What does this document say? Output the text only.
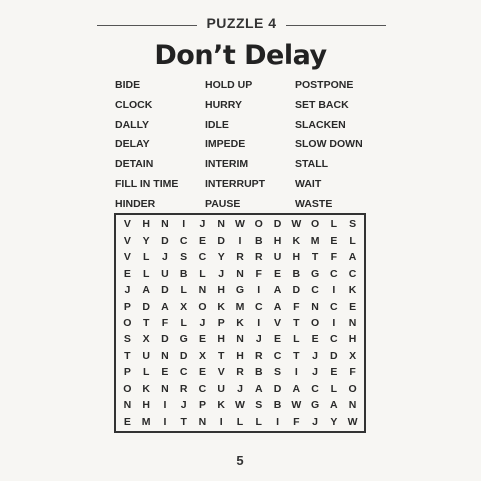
PUZZLE 4
Don’t Delay
BIDE
CLOCK
DALLY
DELAY
DETAIN
FILL IN TIME
HINDER
HOLD UP
HURRY
IDLE
IMPEDE
INTERIM
INTERRUPT
PAUSE
POSTPONE
SET BACK
SLACKEN
SLOW DOWN
STALL
WAIT
WASTE
V	H	N	I	J	N W O	D W O	L	S
V	Y	D	C	E	D	I	B	H	K	M	E	L
V	L	J	S	C	Y	R	R	U	H	T	F	A
E	L	U	B	L	J	N	F	E	B	G	C	C
J	A	D	L	N	H	G	I	A	D	C	I	K
P	D	A	X	O	K	M	C	A	F	N	C	E
O	T	F	L	J	P	K	I	V	T	O	I	N
S	X	D	G	E	H	N	J	E	L	E	C	H
T	U	N	D	X	T	H	R	C	T	J	D	X
P	L	E	C	E	V	R	B	S	I	J	E	F
O	K	N	R	C	U	J	A	D	A	C	L	O
N	H	I	J	P	K W S	B W G	A	N
E	M	I	T	N	I	L	L	I	F	J	Y W
5
